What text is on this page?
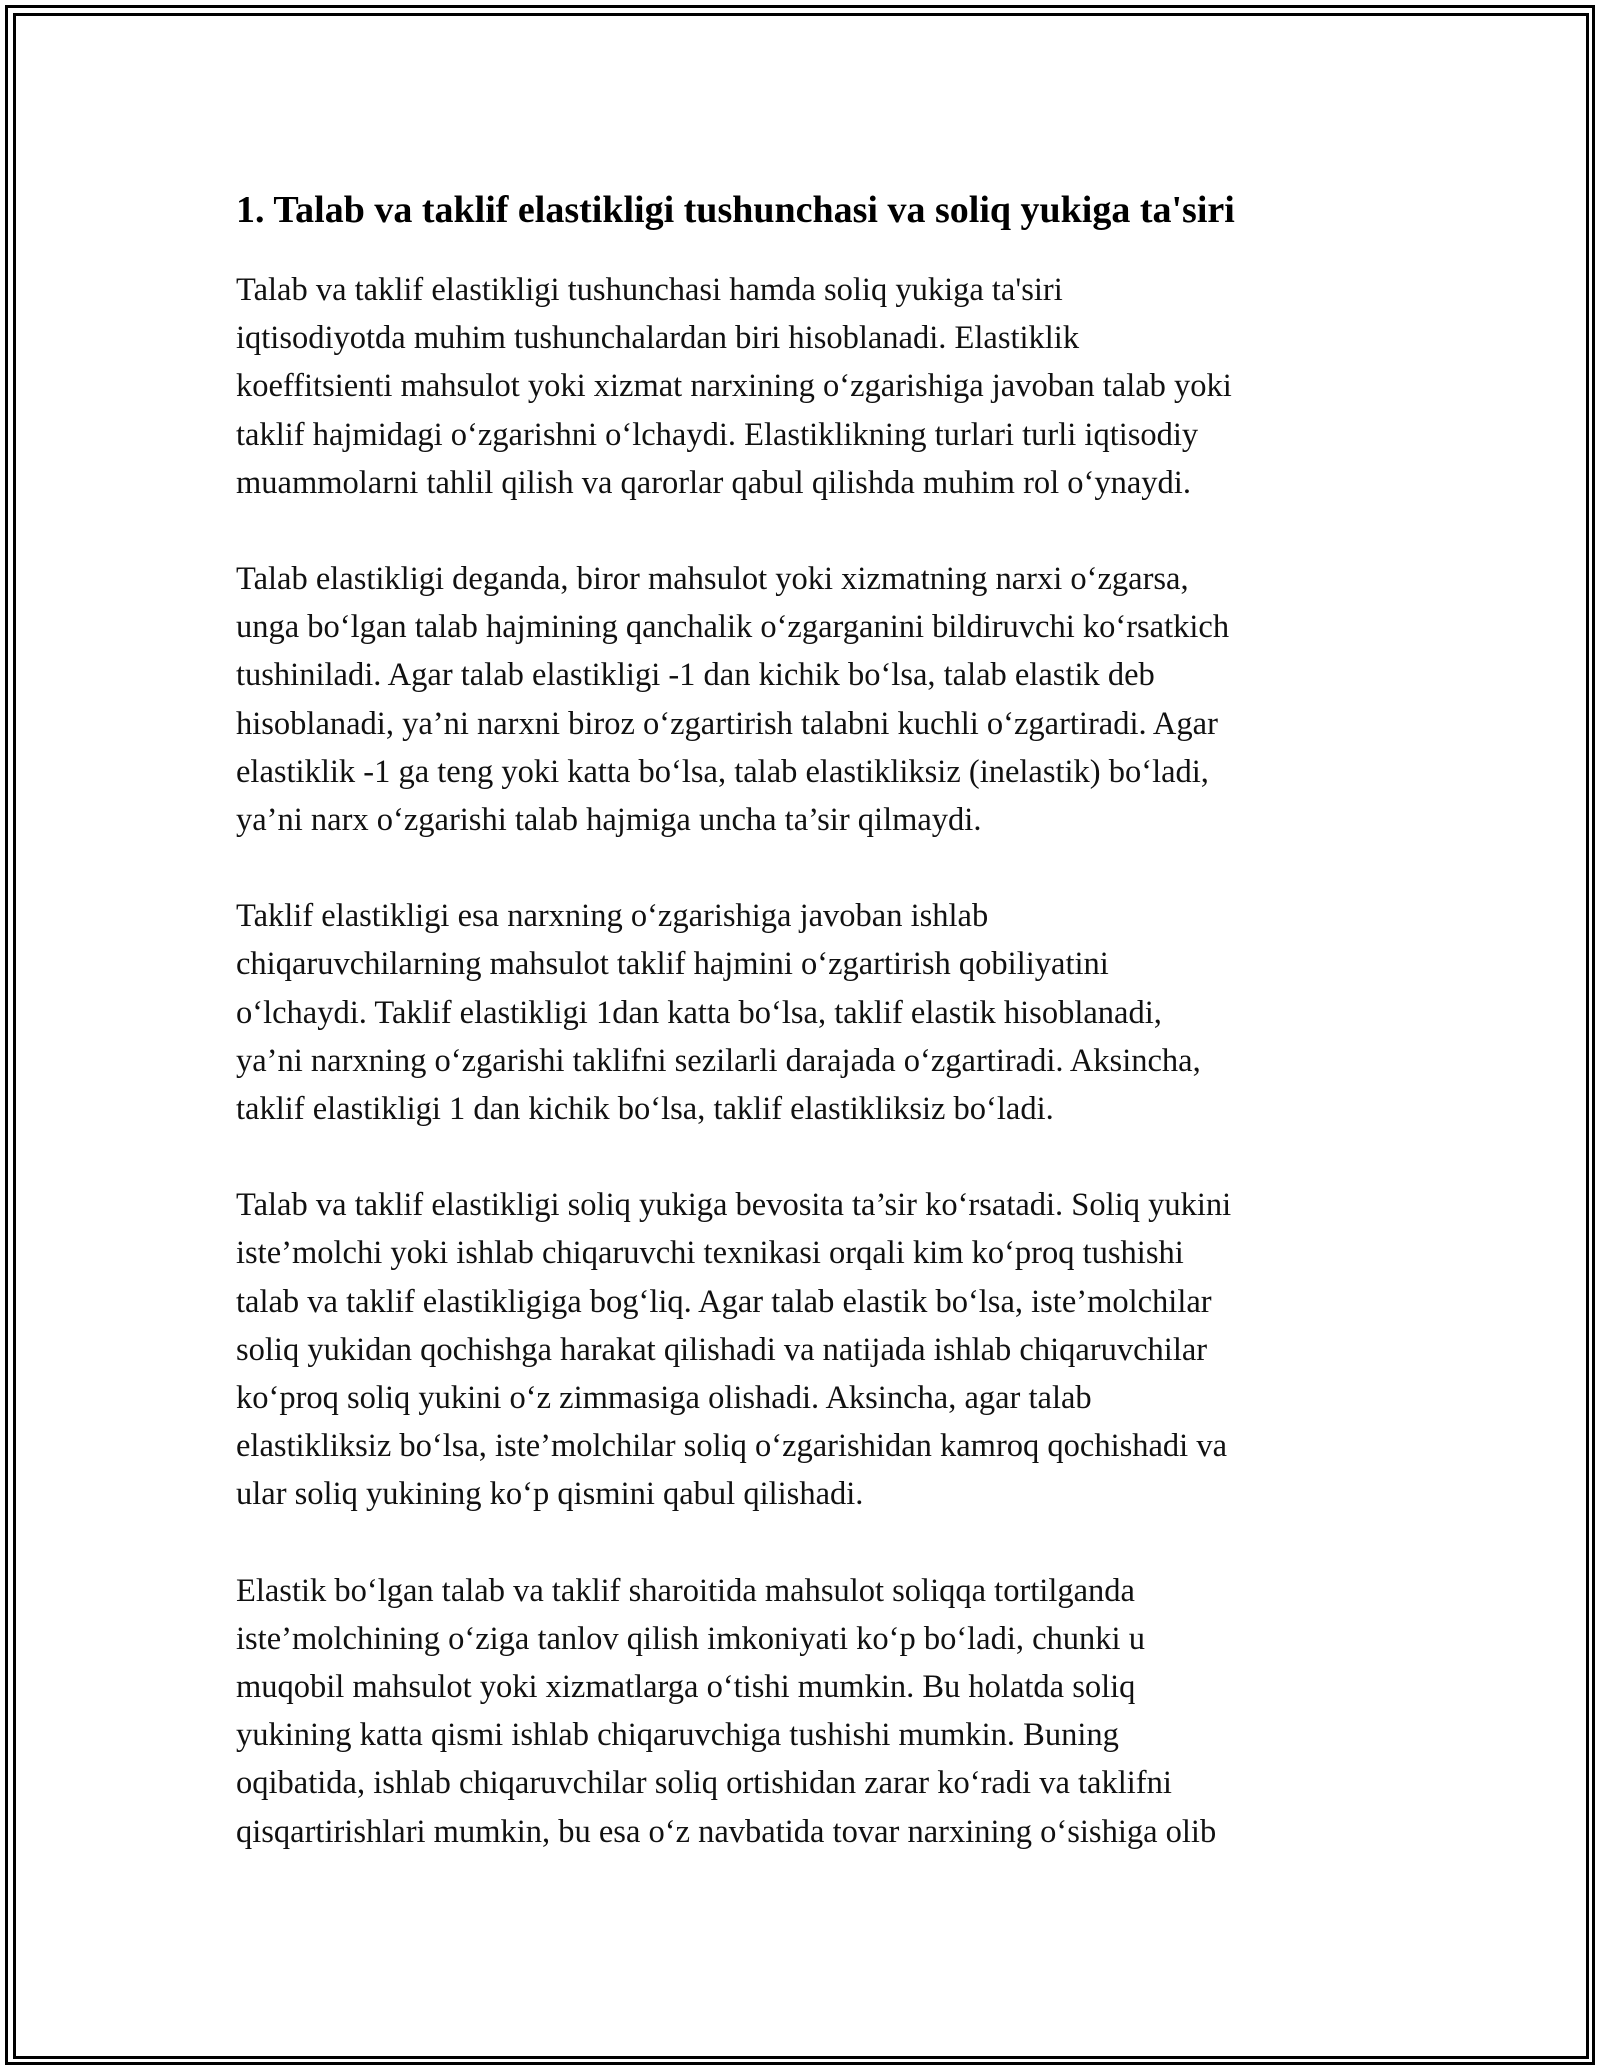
1. Talab va taklif elastikligi tushunchasi va soliq yukiga ta'siri

Talab va taklif elastikligi tushunchasi hamda soliq yukiga ta'siri
iqtisodiyotda muhim tushunchalardan biri hisoblanadi. Elastiklik
koeffitsienti mahsulot yoki xizmat narxining o‘zgarishiga javoban talab yoki
taklif hajmidagi o‘zgarishni o‘lchaydi. Elastiklikning turlari turli iqtisodiy
muammolarni tahlil qilish va qarorlar qabul qilishda muhim rol o‘ynaydi.

Talab elastikligi deganda, biror mahsulot yoki xizmatning narxi o‘zgarsa,
unga bo‘lgan talab hajmining qanchalik o‘zgarganini bildiruvchi ko‘rsatkich
tushiniladi. Agar talab elastikligi -1 dan kichik bo‘lsa, talab elastik deb
hisoblanadi, ya’ni narxni biroz o‘zgartirish talabni kuchli o‘zgartiradi. Agar
elastiklik -1 ga teng yoki katta bo‘lsa, talab elastikliksiz (inelastik) bo‘ladi,
ya’ni narx o‘zgarishi talab hajmiga uncha ta’sir qilmaydi.

Taklif elastikligi esa narxning o‘zgarishiga javoban ishlab
chiqaruvchilarning mahsulot taklif hajmini o‘zgartirish qobiliyatini
o‘lchaydi. Taklif elastikligi 1dan katta bo‘lsa, taklif elastik hisoblanadi,
ya’ni narxning o‘zgarishi taklifni sezilarli darajada o‘zgartiradi. Aksincha,
taklif elastikligi 1 dan kichik bo‘lsa, taklif elastikliksiz bo‘ladi.

Talab va taklif elastikligi soliq yukiga bevosita ta’sir ko‘rsatadi. Soliq yukini
iste’molchi yoki ishlab chiqaruvchi texnikasi orqali kim ko‘proq tushishi
talab va taklif elastikligiga bog‘liq. Agar talab elastik bo‘lsa, iste’molchilar
soliq yukidan qochishga harakat qilishadi va natijada ishlab chiqaruvchilar
ko‘proq soliq yukini o‘z zimmasiga olishadi. Aksincha, agar talab
elastikliksiz bo‘lsa, iste’molchilar soliq o‘zgarishidan kamroq qochishadi va
ular soliq yukining ko‘p qismini qabul qilishadi.

Elastik bo‘lgan talab va taklif sharoitida mahsulot soliqqa tortilganda
iste’molchining o‘ziga tanlov qilish imkoniyati ko‘p bo‘ladi, chunki u
muqobil mahsulot yoki xizmatlarga o‘tishi mumkin. Bu holatda soliq
yukining katta qismi ishlab chiqaruvchiga tushishi mumkin. Buning
oqibatida, ishlab chiqaruvchilar soliq ortishidan zarar ko‘radi va taklifni
qisqartirishlari mumkin, bu esa o‘z navbatida tovar narxining o‘sishiga olib
